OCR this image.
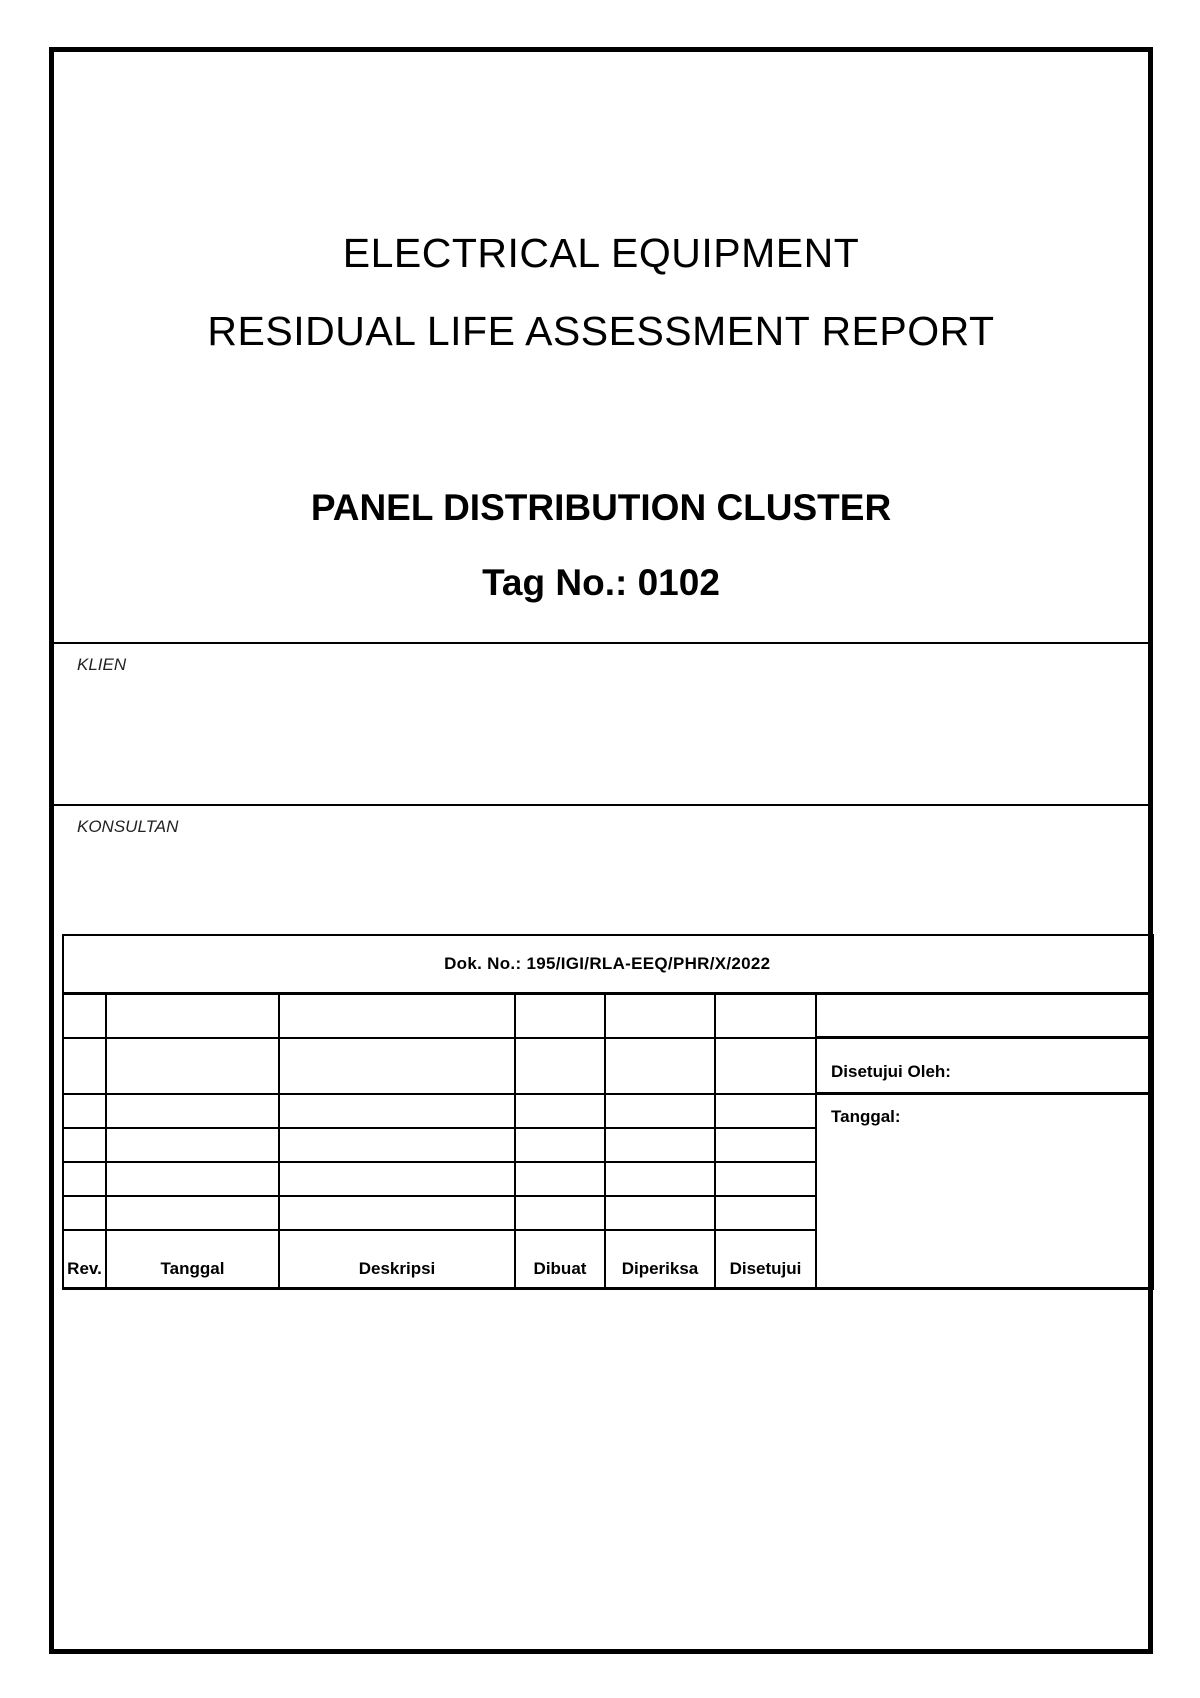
ELECTRICAL EQUIPMENT
RESIDUAL LIFE ASSESSMENT REPORT
PANEL DISTRIBUTION CLUSTER
Tag No.: 0102
KLIEN
KONSULTAN
Dok. No.: 195/IGI/RLA-EEQ/PHR/X/2022						

						Disetujui Oleh:
						Tanggal:

Rev.	Tanggal	Deskripsi	Dibuat	Diperiksa	Disetujui	
